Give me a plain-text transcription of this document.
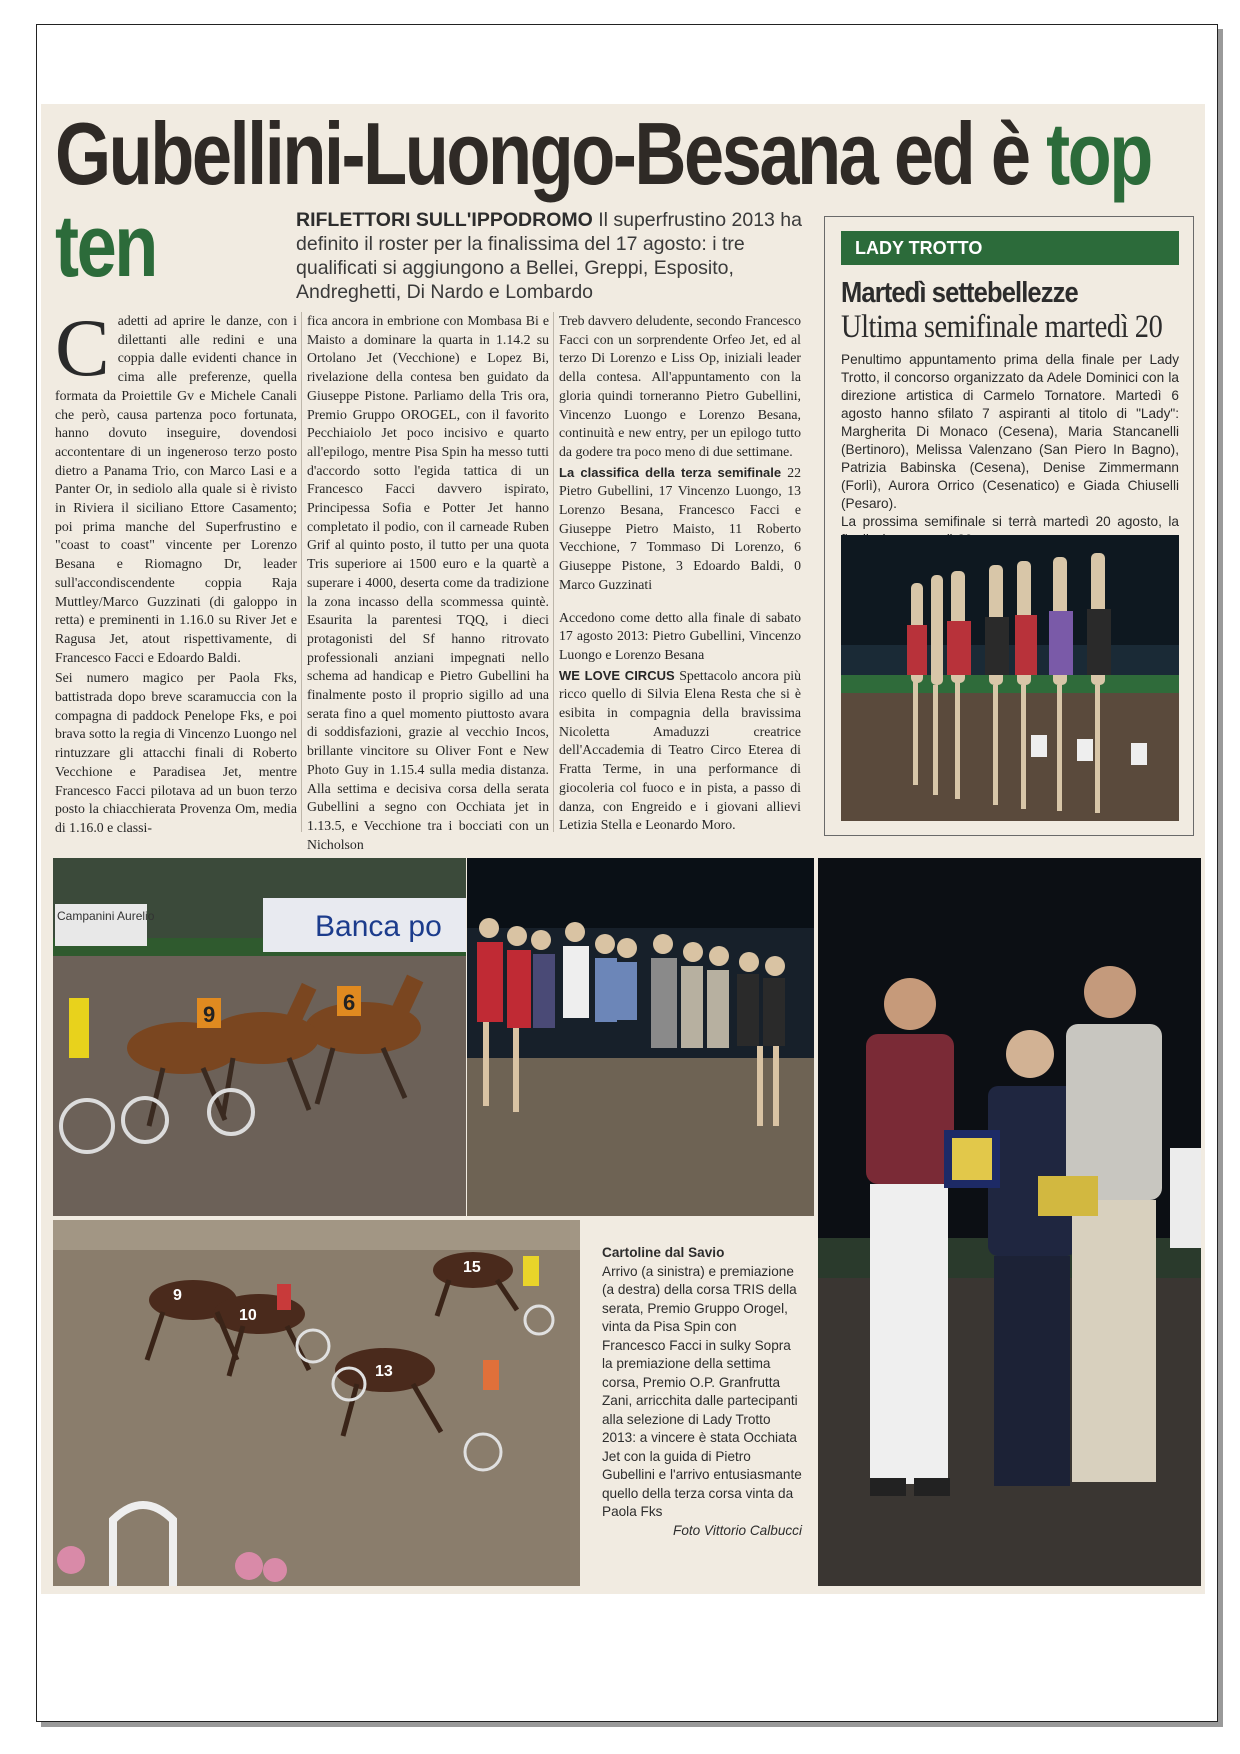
Gubellini-Luongo-Besana ed è top
ten	RIFLETTORI SULL'IPPODROMO Il superfrustino 2013 ha definito il roster per la finalissima del 17 agosto: i tre qualificati si aggiungono a Bellei, Greppi, Esposito, Andreghetti, Di Nardo e Lombardo
C adetti ad aprire le danze, con i dilettanti alle redini e una coppia dalle evidenti chance in cima alle preferenze, quella formata da Proiettile Gv e Michele Canali che però, causa partenza poco fortunata, hanno dovuto inseguire, dovendosi accontentare di un ingeneroso terzo posto dietro a Panama Trio, con Marco Lasi e a Panter Or, in sediolo alla quale si è rivisto in Riviera il siciliano Ettore Casamento; poi prima manche del Superfrustino e "coast to coast" vincente per Lorenzo Besana e Riomagno Dr, leader sull'accondiscendente coppia Raja Muttley/Marco Guzzinati (di galoppo in retta) e preminenti in 1.16.0 su River Jet e Ragusa Jet, atout rispettivamente, di Francesco Facci e Edoardo Baldi.

Sei numero magico per Paola Fks, battistrada dopo breve scaramuccia con la compagna di paddock Penelope Fks, e poi brava sotto la regia di Vincenzo Luongo nel rintuzzare gli attacchi finali di Roberto Vecchione e Paradisea Jet, mentre Francesco Facci pilotava ad un buon terzo posto la chiacchierata Provenza Om, media di 1.16.0 e classi-

fica ancora in embrione con Mombasa Bi e Maisto a dominare la quarta in 1.14.2 su Ortolano Jet (Vecchione) e Lopez Bi, rivelazione della contesa ben guidato da Giuseppe Pistone. Parliamo della Tris ora, Premio Gruppo OROGEL, con il favorito Pecchiaiolo Jet poco incisivo e quarto all'epilogo, mentre Pisa Spin ha messo tutti d'accordo sotto l'egida tattica di un Francesco Facci davvero ispirato, Principessa Sofia e Potter Jet hanno completato il podio, con il carneade Ruben Grif al quinto posto, il tutto per una quota Tris superiore ai 1500 euro e la quartè a superare i 4000, deserta come da tradizione la zona incasso della scommessa quintè. Esaurita la parentesi TQQ, i dieci protagonisti del Sf hanno ritrovato professionali anziani impegnati nello schema ad handicap e Pietro Gubellini ha finalmente posto il proprio sigillo ad una serata fino a quel momento piuttosto avara di soddisfazioni, grazie al vecchio Incos, brillante vincitore su Oliver Font e New Photo Guy in 1.15.4 sulla media distanza. Alla settima e decisiva corsa della serata Gubellini a segno con Occhiata jet in 1.13.5, e Vecchione tra i bocciati con un Nicholson

Treb davvero deludente, secondo Francesco Facci con un sorprendente Orfeo Jet, ed al terzo Di Lorenzo e Liss Op, iniziali leader della contesa. All'appuntamento con la gloria quindi torneranno Pietro Gubellini, Vincenzo Luongo e Lorenzo Besana, continuità e new entry, per un epilogo tutto da godere tra poco meno di due settimane.

La classifica della terza semifinale 22 Pietro Gubellini, 17 Vincenzo Luongo, 13 Lorenzo Besana, Francesco Facci e Giuseppe Pietro Maisto, 11 Roberto Vecchione, 7 Tommaso Di Lorenzo, 6 Giuseppe Pistone, 3 Edoardo Baldi, 0 Marco Guzzinati

Accedono come detto alla finale di sabato 17 agosto 2013: Pietro Gubellini, Vincenzo Luongo e Lorenzo Besana

WE LOVE CIRCUS Spettacolo ancora più ricco quello di Silvia Elena Resta che si è esibita in compagnia della bravissima Nicoletta Amaduzzi creatrice dell'Accademia di Teatro Circo Eterea di Fratta Terme, in una performance di giocoleria col fuoco e in pista, a passo di danza, con Engreido e i giovani allievi Letizia Stella e Leonardo Moro.

LADY TROTTO
Martedì settebellezze
Ultima semifinale martedì 20

Penultimo appuntamento prima della finale per Lady Trotto, il concorso organizzato da Adele Dominici con la direzione artistica di Carmelo Tornatore. Martedì 6 agosto hanno sfilato 7 aspiranti al titolo di "Lady": Margherita Di Monaco (Cesena), Maria Stancanelli (Bertinoro), Melissa Valenzano (San Piero In Bagno), Patrizia Babinska (Cesena), Denise Zimmermann (Forlì), Aurora Orrico (Cesenatico) e Giada Chiuselli (Pesaro).

La prossima semifinale si terrà martedì 20 agosto, la

Campanini Aurelio	Banca po
9	6
9
10
13
15
Cartoline dal Savio
Arrivo (a sinistra) e premiazione (a destra) della corsa TRIS della serata, Premio Gruppo Orogel, vinta da Pisa Spin con Francesco Facci in sulky Sopra la premiazione della settima corsa, Premio O.P. Granfrutta Zani, arricchita dalle partecipanti alla selezione di Lady Trotto 2013: a vincere è stata Occhiata Jet con la guida di Pietro Gubellini e l'arrivo entusiasmante quello della terza corsa vinta da Paola Fks
Foto Vittorio Calbucci
